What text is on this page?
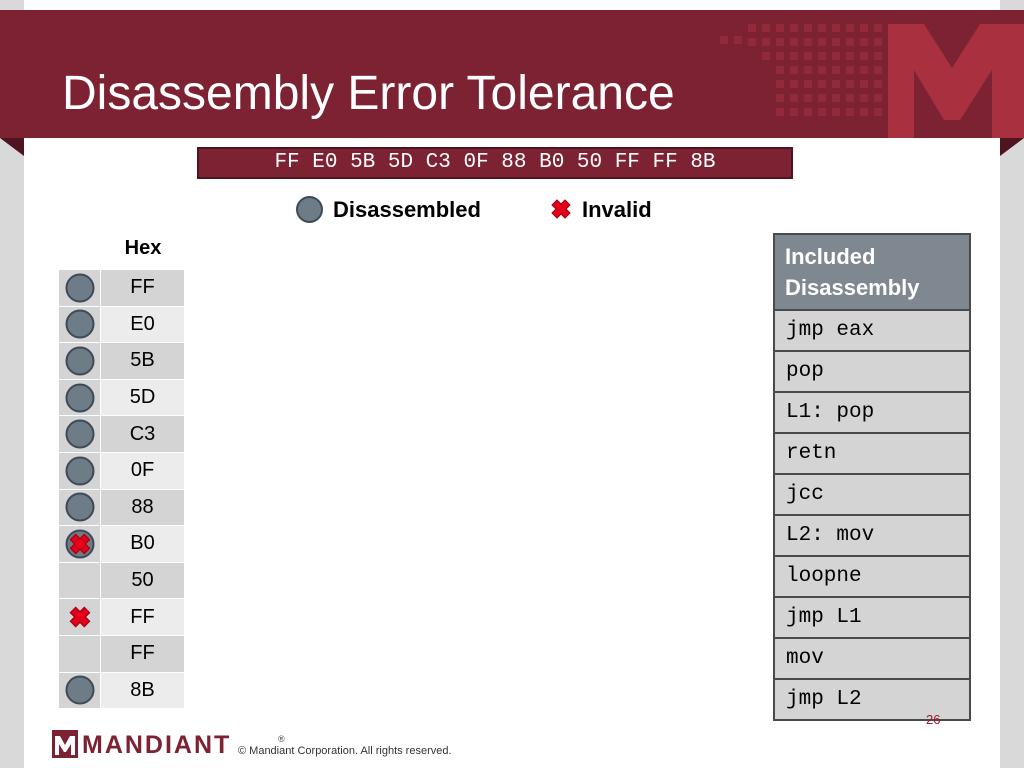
Disassembly Error Tolerance
FF E0 5B 5D C3 0F 88 B0 50 FF FF 8B
Disassembled	Invalid
Hex
	FF

	E0

	5B

	5D

	C3

	0F

	88

	B0
	50

	FF
	FF

	8B
Included Disassembly
jmp eax
pop
L1: pop
retn
jcc
L2: mov
loopne
jmp L1
mov
jmp L2
MANDIANT	®
© Mandiant Corporation. All rights reserved.
26
